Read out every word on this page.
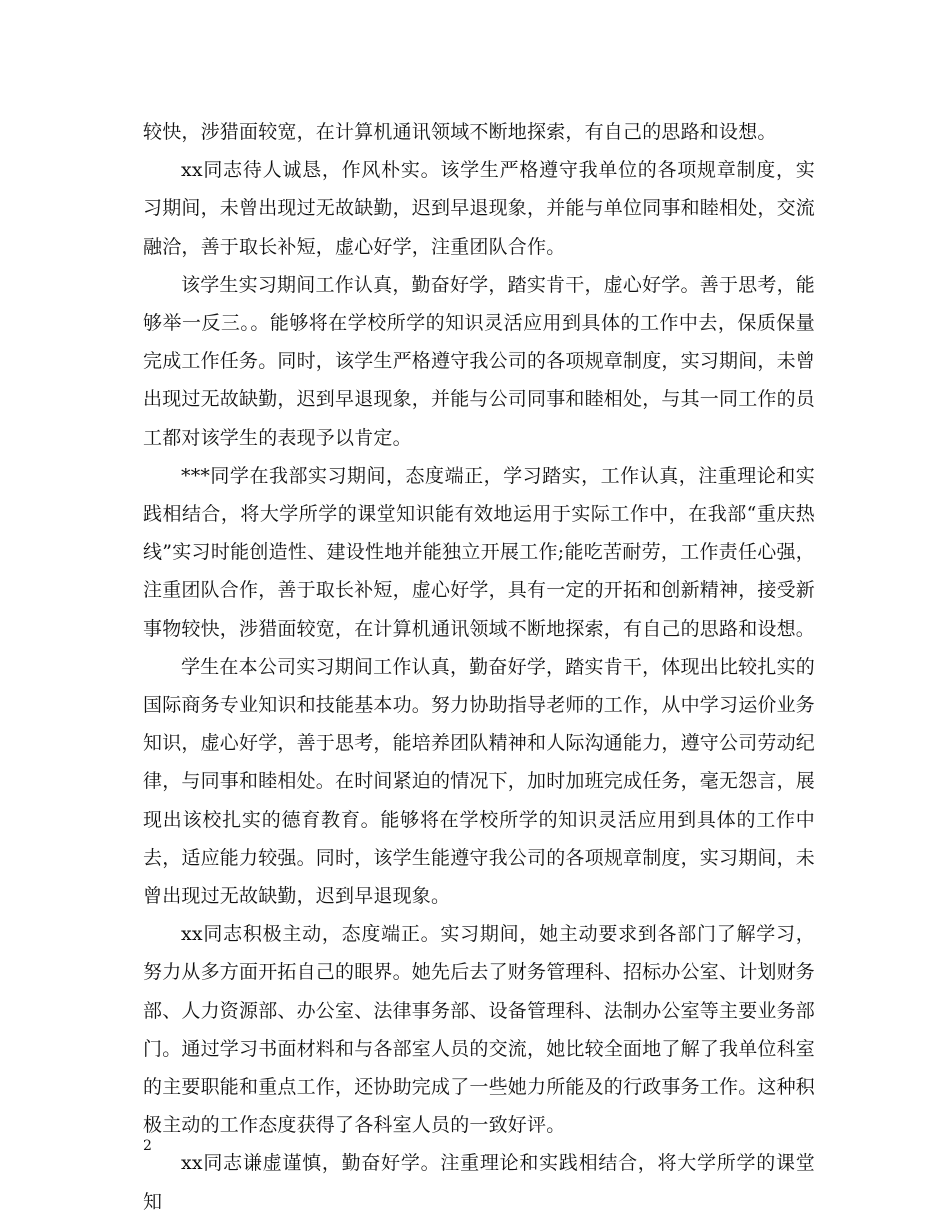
较快，涉猎面较宽，在计算机通讯领域不断地探索，有自己的思路和设想。

xx同志待人诚恳，作风朴实。该学生严格遵守我单位的各项规章制度，实习期间，未曾出现过无故缺勤，迟到早退现象，并能与单位同事和睦相处，交流融洽，善于取长补短，虚心好学，注重团队合作。

该学生实习期间工作认真，勤奋好学，踏实肯干，虚心好学。善于思考，能够举一反三。。能够将在学校所学的知识灵活应用到具体的工作中去，保质保量完成工作任务。同时，该学生严格遵守我公司的各项规章制度，实习期间，未曾出现过无故缺勤，迟到早退现象，并能与公司同事和睦相处，与其一同工作的员工都对该学生的表现予以肯定。

***同学在我部实习期间，态度端正，学习踏实，工作认真，注重理论和实践相结合，将大学所学的课堂知识能有效地运用于实际工作中，在我部“重庆热线”实习时能创造性、建设性地并能独立开展工作;能吃苦耐劳，工作责任心强，注重团队合作，善于取长补短，虚心好学，具有一定的开拓和创新精神，接受新事物较快，涉猎面较宽，在计算机通讯领域不断地探索，有自己的思路和设想。

学生在本公司实习期间工作认真，勤奋好学，踏实肯干，体现出比较扎实的国际商务专业知识和技能基本功。努力协助指导老师的工作，从中学习运价业务知识，虚心好学，善于思考，能培养团队精神和人际沟通能力，遵守公司劳动纪律，与同事和睦相处。在时间紧迫的情况下，加时加班完成任务，毫无怨言，展现出该校扎实的德育教育。能够将在学校所学的知识灵活应用到具体的工作中去，适应能力较强。同时，该学生能遵守我公司的各项规章制度，实习期间，未曾出现过无故缺勤，迟到早退现象。

xx同志积极主动，态度端正。实习期间，她主动要求到各部门了解学习，努力从多方面开拓自己的眼界。她先后去了财务管理科、招标办公室、计划财务部、人力资源部、办公室、法律事务部、设备管理科、法制办公室等主要业务部门。通过学习书面材料和与各部室人员的交流，她比较全面地了解了我单位科室的主要职能和重点工作，还协助完成了一些她力所能及的行政事务工作。这种积极主动的工作态度获得了各科室人员的一致好评。

xx同志谦虚谨慎，勤奋好学。注重理论和实践相结合，将大学所学的课堂知

2
